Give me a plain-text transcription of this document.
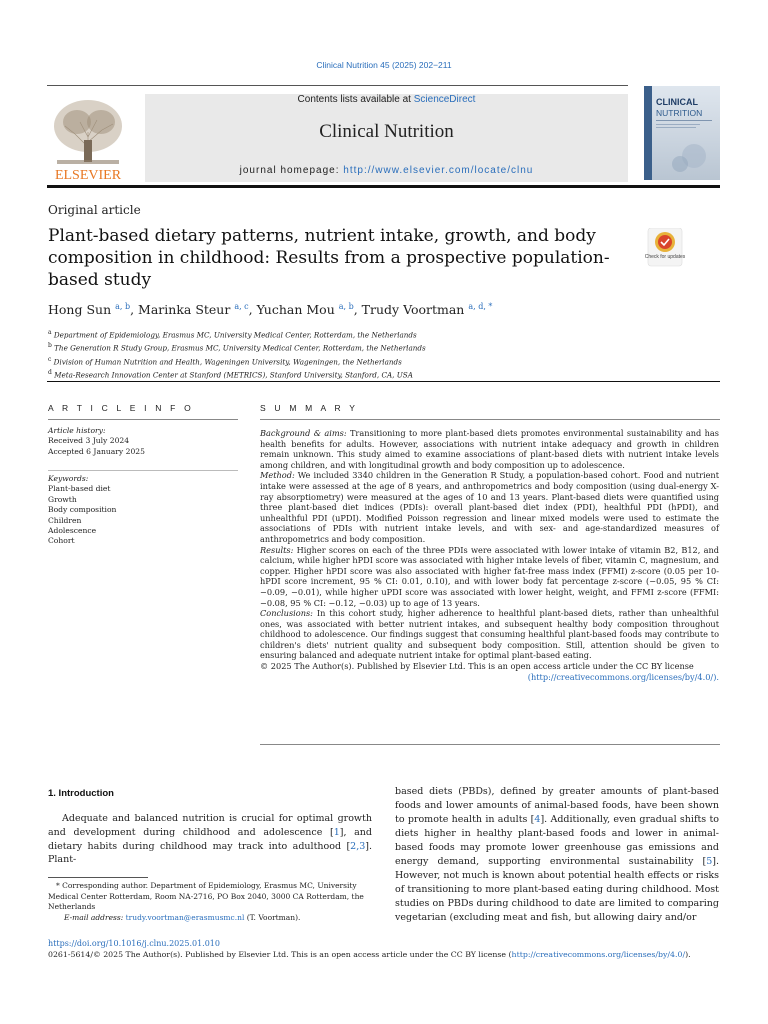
Clinical Nutrition 45 (2025) 202−211
ELSEVIER
Contents lists available at ScienceDirect
Clinical Nutrition
journal homepage: http://www.elsevier.com/locate/clnu
CLINICAL
NUTRITION
Original article
Plant-based dietary patterns, nutrient intake, growth, and body composition in childhood: Results from a prospective population-based study
Check for updates
Hong Sun $^{a, b}$, Marinka Steur $^{a, c}$, Yuchan Mou $^{a, b}$, Trudy Voortman $^{a, d, *}$
$^a$ Department of Epidemiology, Erasmus MC, University Medical Center, Rotterdam, the Netherlands
$^b$ The Generation R Study Group, Erasmus MC, University Medical Center, Rotterdam, the Netherlands
$^c$ Division of Human Nutrition and Health, Wageningen University, Wageningen, the Netherlands
$^d$ Meta-Research Innovation Center at Stanford (METRICS), Stanford University, Stanford, CA, USA
A R T I C L E I N F O
Article history:
Received 3 July 2024
Accepted 6 January 2025
Keywords:
Plant-based diet
Growth
Body composition
Children
Adolescence
Cohort
S U M M A R Y
Background & aims: Transitioning to more plant-based diets promotes environmental sustainability and has health benefits for adults. However, associations with nutrient intake adequacy and growth in children remain unknown. This study aimed to examine associations of plant-based diets with nutrient intake levels among children, and with longitudinal growth and body composition up to adolescence.
Method: We included 3340 children in the Generation R Study, a population-based cohort. Food and nutrient intake were assessed at the age of 8 years, and anthropometrics and body composition (using dual-energy X-ray absorptiometry) were measured at the ages of 10 and 13 years. Plant-based diets were quantified using three plant-based diet indices (PDIs): overall plant-based diet index (PDI), healthful PDI (hPDI), and unhealthful PDI (uPDI). Modified Poisson regression and linear mixed models were used to estimate the associations of PDIs with nutrient intake levels, and with sex- and age-standardized measures of anthropometrics and body composition.
Results: Higher scores on each of the three PDIs were associated with lower intake of vitamin B2, B12, and calcium, while higher hPDI score was associated with higher intake levels of fiber, vitamin C, magnesium, and copper. Higher hPDI score was also associated with higher fat-free mass index (FFMI) z-score (0.05 per 10-hPDI score increment, 95 % CI: 0.01, 0.10), and with lower body fat percentage z-score (−0.05, 95 % CI: −0.09, −0.01), while higher uPDI score was associated with lower height, weight, and FFMI z-score (FFMI: −0.08, 95 % CI: −0.12, −0.03) up to age of 13 years.
Conclusions: In this cohort study, higher adherence to healthful plant-based diets, rather than unhealthful ones, was associated with better nutrient intakes, and subsequent healthy body composition throughout childhood to adolescence. Our findings suggest that consuming healthful plant-based foods may contribute to children's diets' nutrient quality and subsequent body composition. Still, attention should be given to ensuring balanced and adequate nutrient intake for optimal plant-based eating.
© 2025 The Author(s). Published by Elsevier Ltd. This is an open access article under the CC BY license
(http://creativecommons.org/licenses/by/4.0/).
1. Introduction
Adequate and balanced nutrition is crucial for optimal growth and development during childhood and adolescence [1], and dietary habits during childhood may track into adulthood [2,3]. Plant-
based diets (PBDs), defined by greater amounts of plant-based foods and lower amounts of animal-based foods, have been shown to promote health in adults [4]. Additionally, even gradual shifts to diets higher in healthy plant-based foods and lower in animal-based foods may promote lower greenhouse gas emissions and energy demand, supporting environmental sustainability [5]. However, not much is known about potential health effects or risks of transitioning to more plant-based eating during childhood. Most studies on PBDs during childhood to date are limited to comparing vegetarian (excluding meat and fish, but allowing dairy and/or
* Corresponding author. Department of Epidemiology, Erasmus MC, University Medical Center Rotterdam, Room NA-2716, PO Box 2040, 3000 CA Rotterdam, the Netherlands
E-mail address: trudy.voortman@erasmusmc.nl (T. Voortman).
https://doi.org/10.1016/j.clnu.2025.01.010
0261-5614/© 2025 The Author(s). Published by Elsevier Ltd. This is an open access article under the CC BY license (http://creativecommons.org/licenses/by/4.0/).
